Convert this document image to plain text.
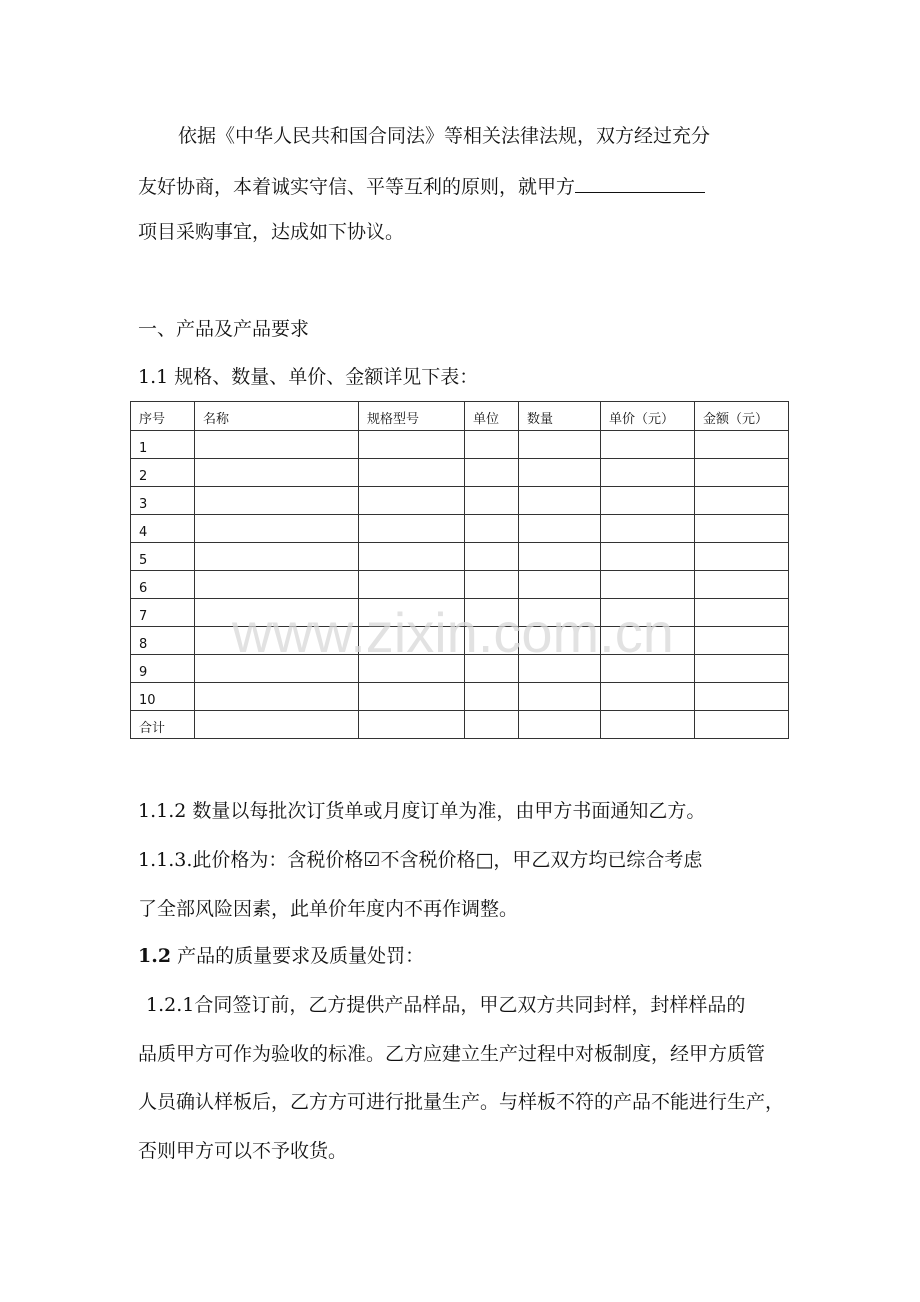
依据《中华人民共和国合同法》等相关法律法规，双方经过充分
友好协商，本着诚实守信、平等互利的原则，就甲方
项目采购事宜，达成如下协议。
一、产品及产品要求
1.1 规格、数量、单价、金额详见下表：
序号	名称	规格型号	单位	数量	单价（元）	金额（元）
1						
2						
3						
4						
5						
6						
7						
8						
9						
10						
合计						
www.zixin.com.cn
1.1.2 数量以每批次订货单或月度订单为准，由甲方书面通知乙方。
1.1.3.此价格为：含税价格☑不含税价格□，甲乙双方均已综合考虑
了全部风险因素，此单价年度内不再作调整。
1.2 产品的质量要求及质量处罚：
1.2.1合同签订前，乙方提供产品样品，甲乙双方共同封样，封样样品的
品质甲方可作为验收的标准。乙方应建立生产过程中对板制度，经甲方质管
人员确认样板后，乙方方可进行批量生产。与样板不符的产品不能进行生产，
否则甲方可以不予收货。
